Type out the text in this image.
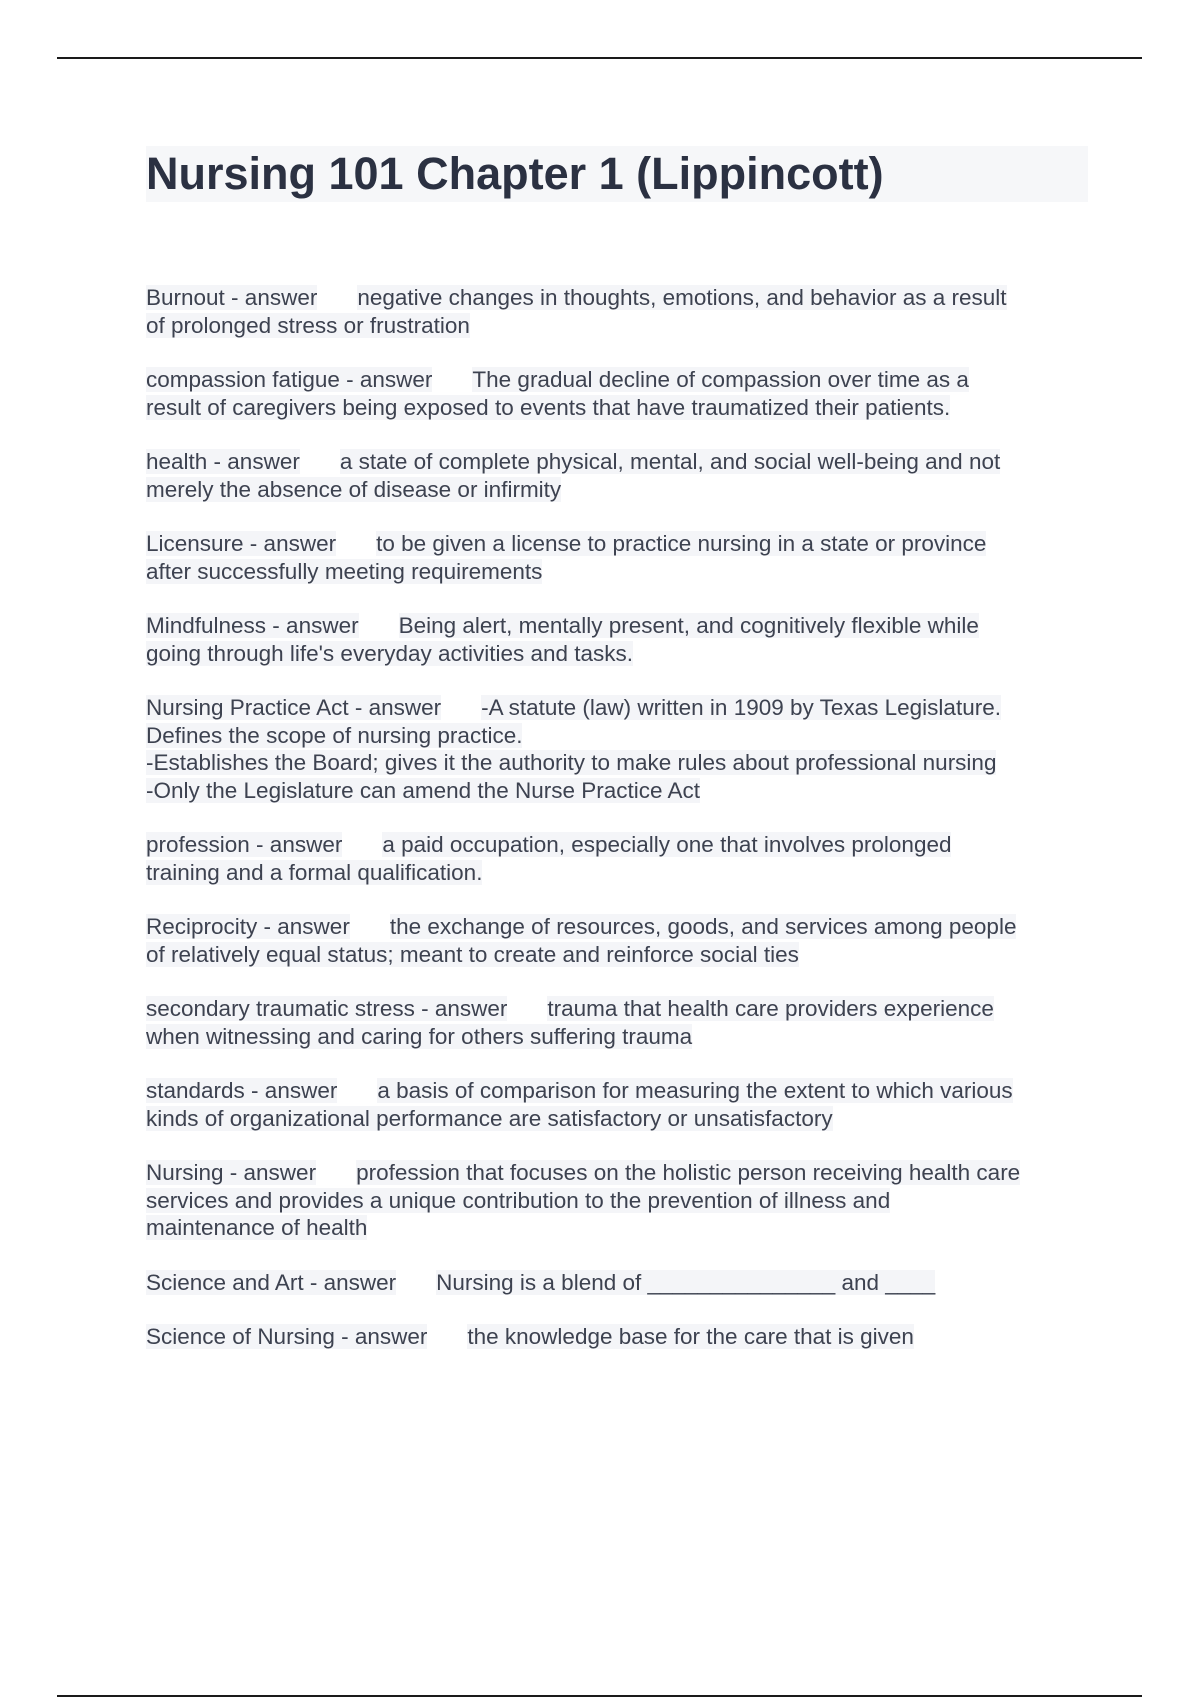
Nursing 101 Chapter 1 (Lippincott)
Burnout - answer negative changes in thoughts, emotions, and behavior as a result
of prolonged stress or frustration
compassion fatigue - answer The gradual decline of compassion over time as a
result of caregivers being exposed to events that have traumatized their patients.
health - answer a state of complete physical, mental, and social well-being and not
merely the absence of disease or infirmity
Licensure - answer to be given a license to practice nursing in a state or province
after successfully meeting requirements
Mindfulness - answer Being alert, mentally present, and cognitively flexible while
going through life's everyday activities and tasks.
Nursing Practice Act - answer -A statute (law) written in 1909 by Texas Legislature.
Defines the scope of nursing practice.
-Establishes the Board; gives it the authority to make rules about professional nursing
-Only the Legislature can amend the Nurse Practice Act
profession - answer a paid occupation, especially one that involves prolonged
training and a formal qualification.
Reciprocity - answer the exchange of resources, goods, and services among people
of relatively equal status; meant to create and reinforce social ties
secondary traumatic stress - answer trauma that health care providers experience
when witnessing and caring for others suffering trauma
standards - answer a basis of comparison for measuring the extent to which various
kinds of organizational performance are satisfactory or unsatisfactory
Nursing - answer profession that focuses on the holistic person receiving health care
services and provides a unique contribution to the prevention of illness and
maintenance of health
Science and Art - answer Nursing is a blend of _______________ and ____
Science of Nursing - answer the knowledge base for the care that is given
